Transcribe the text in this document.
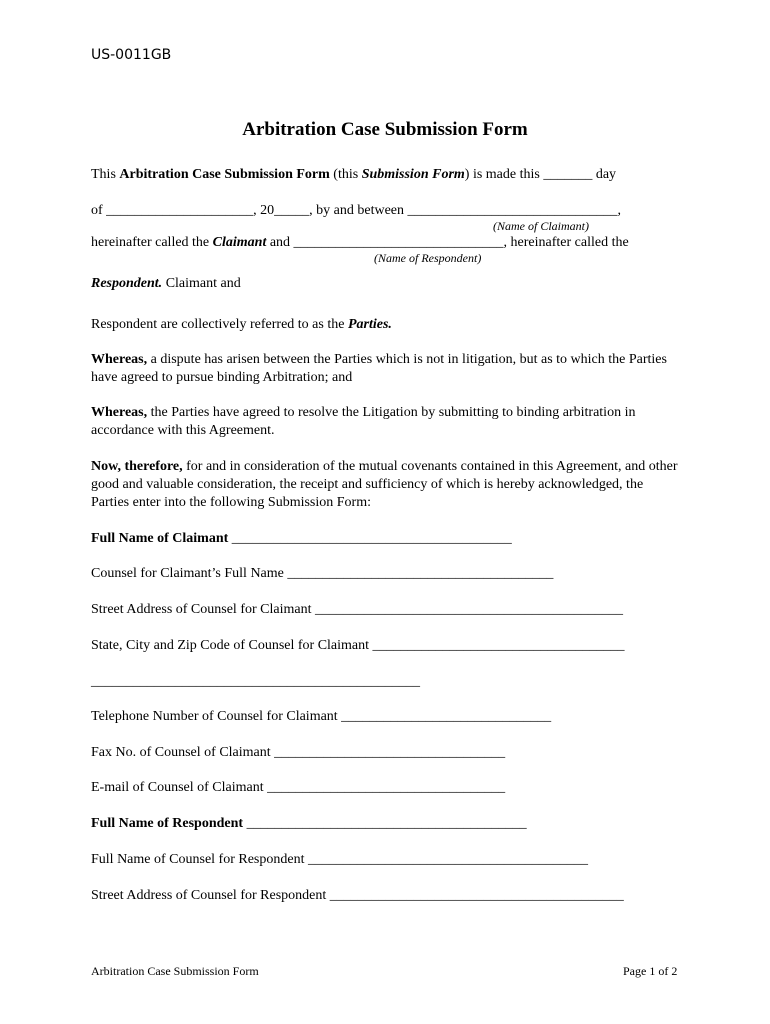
US-0011GB
Arbitration Case Submission Form
This Arbitration Case Submission Form (this Submission Form) is made this _______ day
of _____________________, 20_____, by and between ______________________________,
(Name of Claimant)
hereinafter called the Claimant and ______________________________, hereinafter called the
(Name of Respondent)
Respondent. Claimant and
Respondent are collectively referred to as the Parties.
Whereas, a dispute has arisen between the Parties which is not in litigation, but as to which the Parties have agreed to pursue binding Arbitration; and
Whereas, the Parties have agreed to resolve the Litigation by submitting to binding arbitration in accordance with this Agreement.
Now, therefore, for and in consideration of the mutual covenants contained in this Agreement, and other good and valuable consideration, the receipt and sufficiency of which is hereby acknowledged, the Parties enter into the following Submission Form:
Full Name of Claimant ________________________________________
Counsel for Claimant’s Full Name ______________________________________
Street Address of Counsel for Claimant ____________________________________________
State, City and Zip Code of Counsel for Claimant ____________________________________
_______________________________________________
Telephone Number of Counsel for Claimant ______________________________
Fax No. of Counsel of Claimant _________________________________
E-mail of Counsel of Claimant __________________________________
Full Name of Respondent ________________________________________
Full Name of Counsel for Respondent ________________________________________
Street Address of Counsel for Respondent __________________________________________
Arbitration Case Submission Form	Page 1 of 2
